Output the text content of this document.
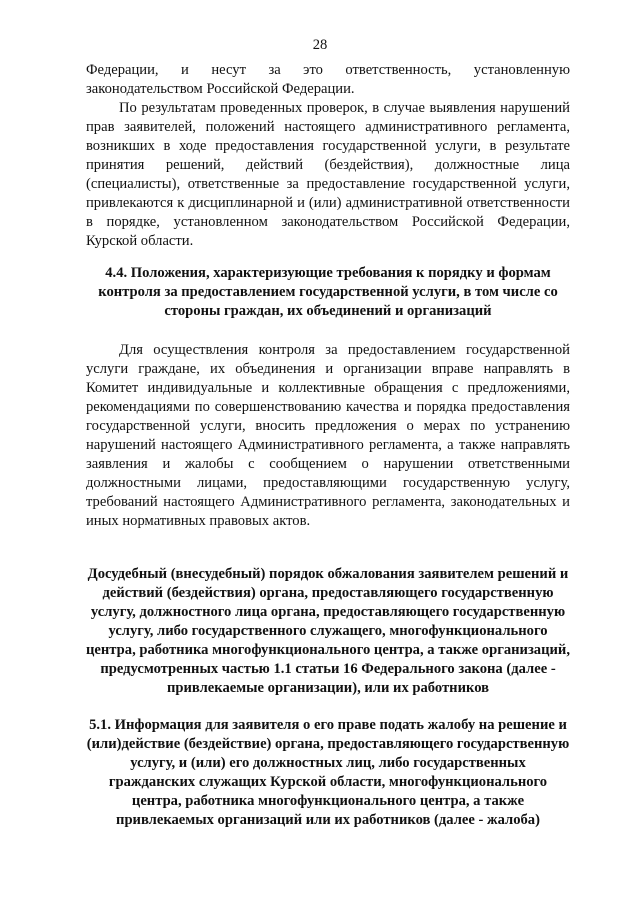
28

Федерации, и несут за это ответственность, установленную законодательством Российской Федерации.

По результатам проведенных проверок, в случае выявления нарушений прав заявителей, положений настоящего административного регламента, возникших в ходе предоставления государственной услуги, в результате принятия решений, действий (бездействия), должностные лица (специалисты), ответственные за предоставление государственной услуги, привлекаются к дисциплинарной и (или) административной ответственности в порядке, установленном законодательством Российской Федерации, Курской области.

4.4. Положения, характеризующие требования к порядку и формам контроля за предоставлением государственной услуги, в том числе со стороны граждан, их объединений и организаций

Для осуществления контроля за предоставлением государственной услуги граждане, их объединения и организации вправе направлять в Комитет индивидуальные и коллективные обращения с предложениями, рекомендациями по совершенствованию качества и порядка предоставления государственной услуги, вносить предложения о мерах по устранению нарушений настоящего Административного регламента, а также направлять заявления и жалобы с сообщением о нарушении ответственными должностными лицами, предоставляющими государственную услугу, требований настоящего Административного регламента, законодательных и иных нормативных правовых актов.

Досудебный (внесудебный) порядок обжалования заявителем решений и действий (бездействия) органа, предоставляющего государственную услугу, должностного лица органа, предоставляющего государственную услугу, либо государственного служащего, многофункционального центра, работника многофункционального центра, а также организаций, предусмотренных частью 1.1 статьи 16 Федерального закона (далее - привлекаемые организации), или их работников

5.1. Информация для заявителя о его праве подать жалобу на решение и (или)действие (бездействие) органа, предоставляющего государственную услугу, и (или) его должностных лиц, либо государственных гражданских служащих Курской области, многофункционального центра, работника многофункционального центра, а также привлекаемых организаций или их работников (далее - жалоба)
